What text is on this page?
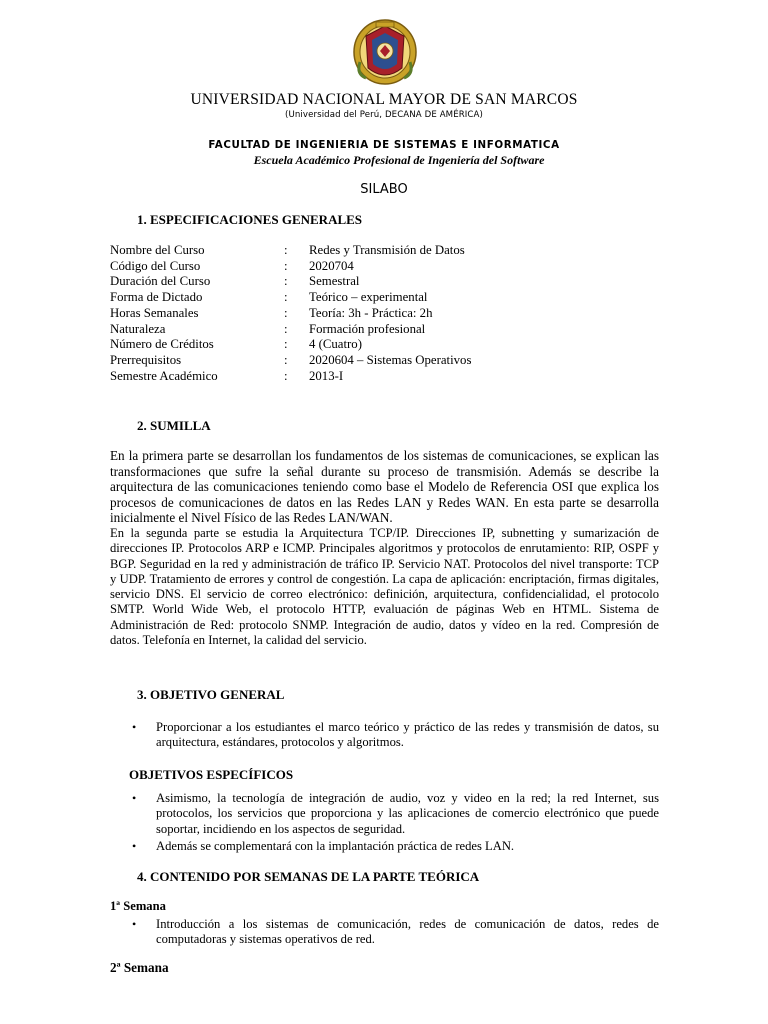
UNIVERSIDAD NACIONAL MAYOR DE SAN MARCOS
(Universidad del Perú, DECANA DE AMÉRICA)
FACULTAD DE INGENIERIA DE SISTEMAS E INFORMATICA
Escuela Académico Profesional de Ingeniería del Software
SILABO
1. ESPECIFICACIONES GENERALES
Nombre del Curso	:	Redes y Transmisión de Datos
Código del Curso	:	2020704
Duración del Curso	:	Semestral
Forma de Dictado	:	Teórico – experimental
Horas Semanales	:	Teoría: 3h - Práctica: 2h
Naturaleza	:	Formación profesional
Número de Créditos	:	4 (Cuatro)
Prerrequisitos	:	2020604 – Sistemas Operativos
Semestre Académico	:	2013-I
2. SUMILLA

En la primera parte se desarrollan los fundamentos de los sistemas de comunicaciones, se explican las transformaciones que sufre la señal durante su proceso de transmisión. Además se describe la arquitectura de las comunicaciones teniendo como base el Modelo de Referencia OSI que explica los procesos de comunicaciones de datos en las Redes LAN y Redes WAN. En esta parte se desarrolla inicialmente el Nivel Físico de las Redes LAN/WAN.

En la segunda parte se estudia la Arquitectura TCP/IP. Direcciones IP, subnetting y sumarización de direcciones IP. Protocolos ARP e ICMP. Principales algoritmos y protocolos de enrutamiento: RIP, OSPF y BGP. Seguridad en la red y administración de tráfico IP. Servicio NAT. Protocolos del nivel transporte: TCP y UDP. Tratamiento de errores y control de congestión. La capa de aplicación: encriptación, firmas digitales, servicio DNS. El servicio de correo electrónico: definición, arquitectura, confidencialidad, el protocolo SMTP. World Wide Web, el protocolo HTTP, evaluación de páginas Web en HTML. Sistema de Administración de Red: protocolo SNMP. Integración de audio, datos y vídeo en la red. Compresión de datos. Telefonía en Internet, la calidad del servicio.

3. OBJETIVO GENERAL
• Proporcionar a los estudiantes el marco teórico y práctico de las redes y transmisión de datos, su arquitectura, estándares, protocolos y algoritmos.
OBJETIVOS ESPECÍFICOS
• Asimismo, la tecnología de integración de audio, voz y video en la red; la red Internet, sus protocolos, los servicios que proporciona y las aplicaciones de comercio electrónico que puede soportar, incidiendo en los aspectos de seguridad.
• Además se complementará con la implantación práctica de redes LAN.
4. CONTENIDO POR SEMANAS DE LA PARTE TEÓRICA
1ª Semana
• Introducción a los sistemas de comunicación, redes de comunicación de datos, redes de computadoras y sistemas operativos de red.
2ª Semana
